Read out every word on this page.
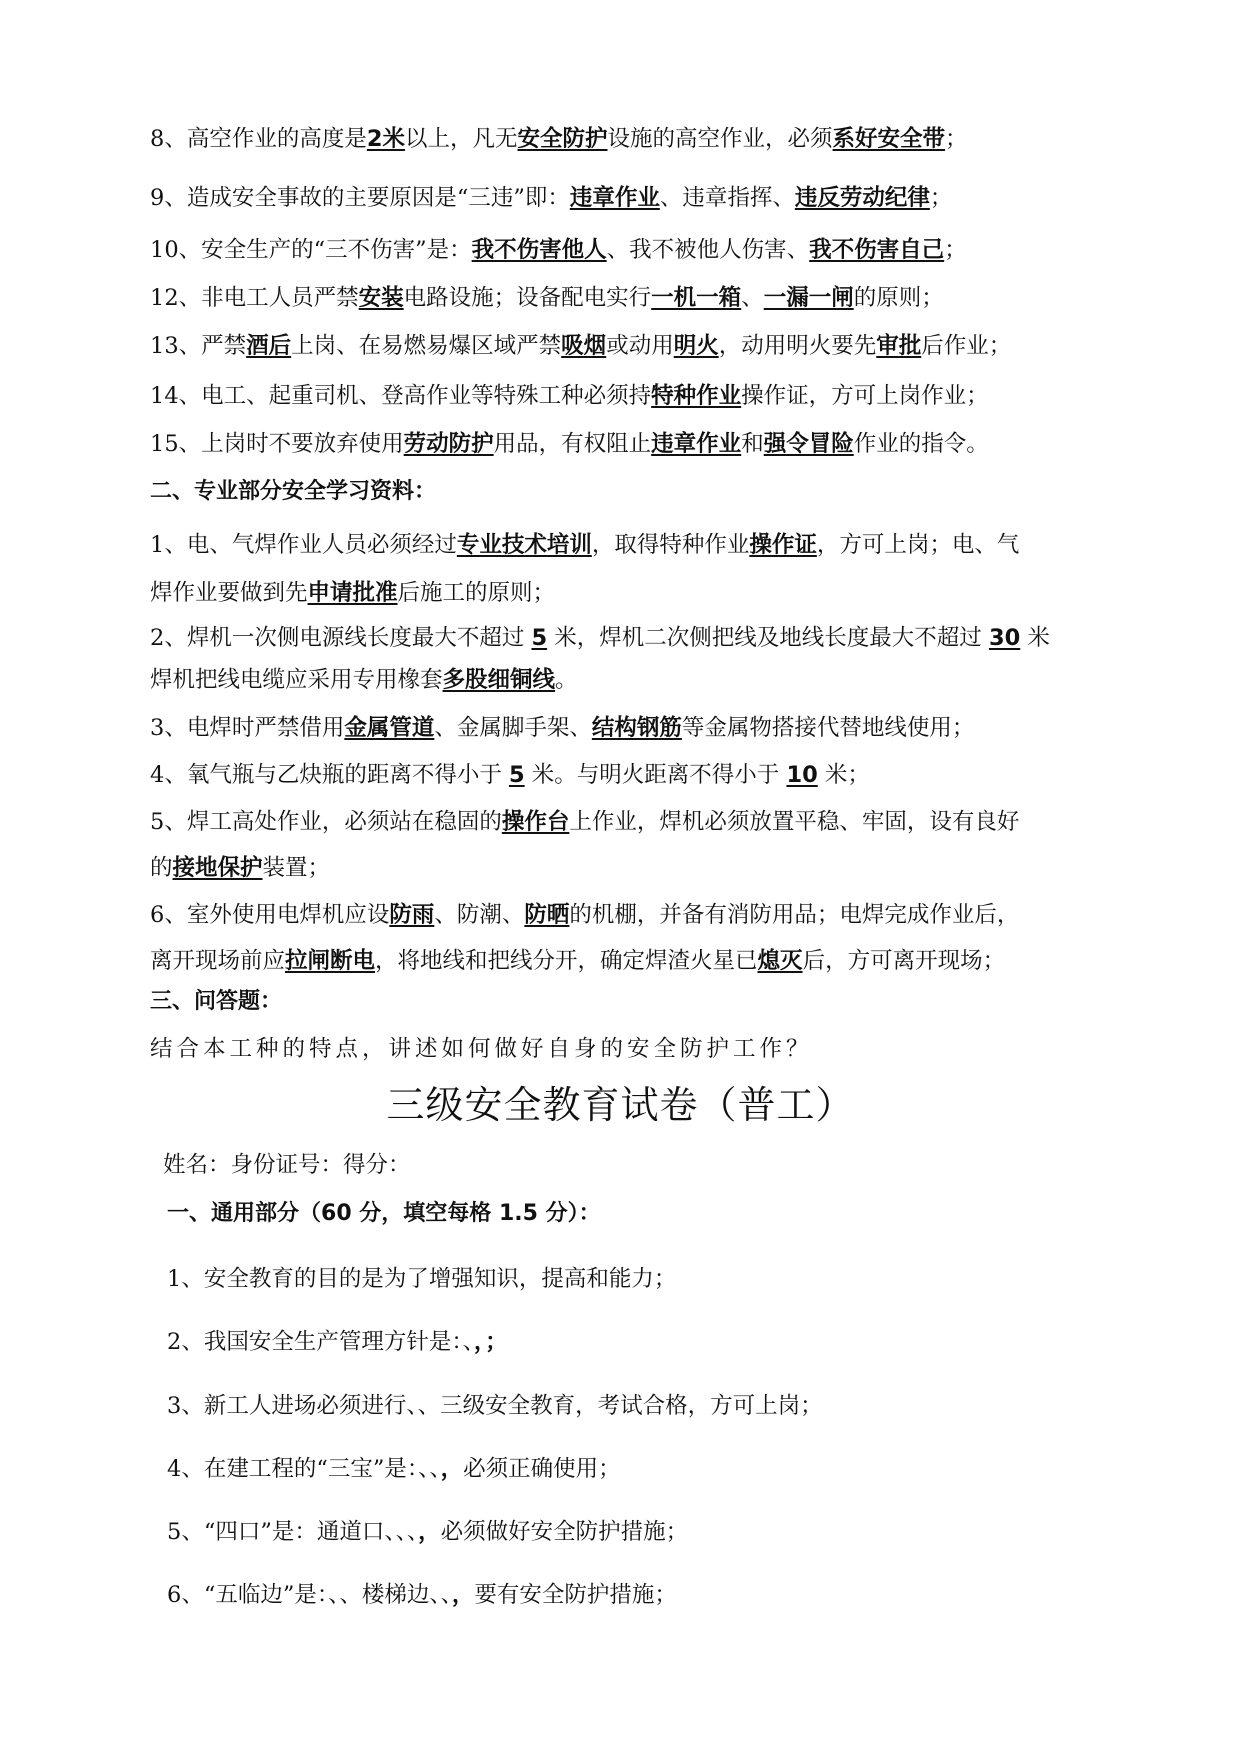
8、高空作业的高度是2米以上，凡无安全防护设施的高空作业，必须系好安全带；
9、造成安全事故的主要原因是“三违”即：违章作业、违章指挥、违反劳动纪律；
10、安全生产的“三不伤害”是：我不伤害他人、我不被他人伤害、我不伤害自己；
12、非电工人员严禁安装电路设施；设备配电实行一机一箱、一漏一闸的原则；
13、严禁酒后上岗、在易燃易爆区域严禁吸烟或动用明火，动用明火要先审批后作业；
14、电工、起重司机、登高作业等特殊工种必须持特种作业操作证，方可上岗作业；
15、上岗时不要放弃使用劳动防护用品，有权阻止违章作业和强令冒险作业的指令。
二、专业部分安全学习资料：
1、电、气焊作业人员必须经过专业技术培训，取得特种作业操作证，方可上岗；电、气
焊作业要做到先申请批准后施工的原则；
2、焊机一次侧电源线长度最大不超过 5 米，焊机二次侧把线及地线长度最大不超过 30 米
焊机把线电缆应采用专用橡套多股细铜线。
3、电焊时严禁借用金属管道、金属脚手架、结构钢筋等金属物搭接代替地线使用；
4、氧气瓶与乙炔瓶的距离不得小于 5 米。与明火距离不得小于 10 米；
5、焊工高处作业，必须站在稳固的操作台上作业，焊机必须放置平稳、牢固，设有良好
的接地保护装置；
6、室外使用电焊机应设防雨、防潮、防晒的机棚，并备有消防用品；电焊完成作业后，
离开现场前应拉闸断电，将地线和把线分开，确定焊渣火星已熄灭后，方可离开现场；
三、问答题：
结合本工种的特点，讲述如何做好自身的安全防护工作？
三级安全教育试卷（普工）
姓名：身份证号：得分：
一、通用部分（60 分，填空每格 1.5 分）：
1、安全教育的目的是为了增强知识，提高和能力；
2、我国安全生产管理方针是：、，；
3、新工人进场必须进行、、三级安全教育，考试合格，方可上岗；
4、在建工程的“三宝”是：、、，必须正确使用；
5、“四口”是：通道口、、、，必须做好安全防护措施；
6、“五临边”是：、、楼梯边、、，要有安全防护措施；
